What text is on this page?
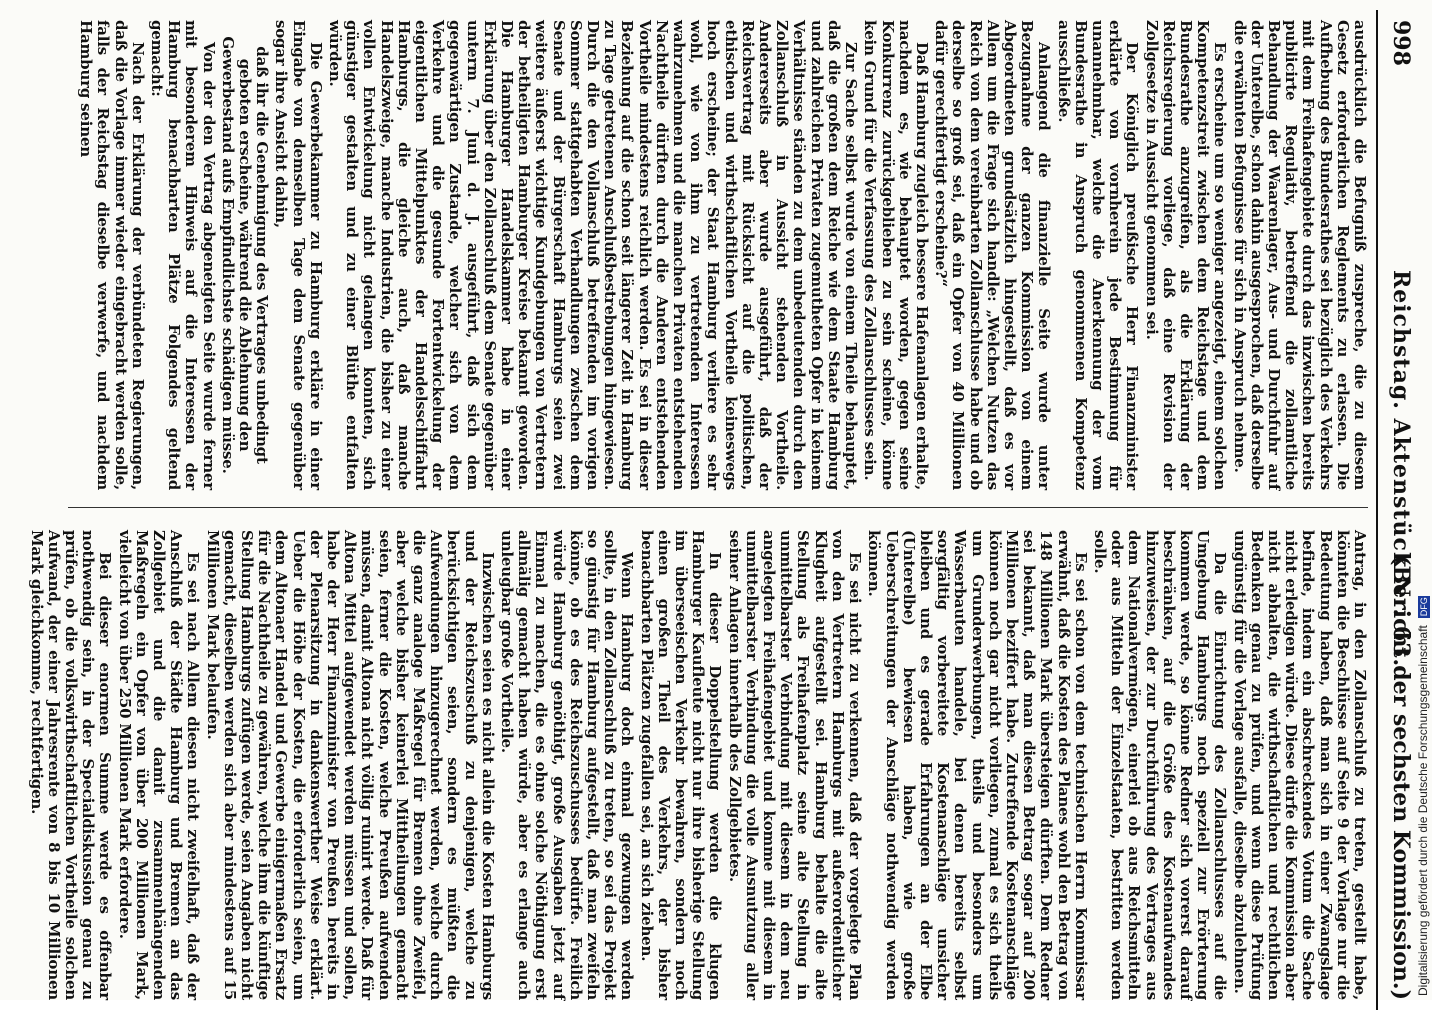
998
Reichstag. Aktenstück Nr. 63.
(Bericht der sechsten Kommission.)

ausdrücklich die Befugniß zuspreche, die zu diesem Gesetz erforderlichen Reglements zu erlassen. Die Aufhebung des Bundesrathes sei bezüglich des Verkehrs mit dem Freihafengebiete durch das inzwischen bereits publicirte Regulativ, betreffend die zollamtliche Behandlung der Waarenlager, Aus- und Durchfuhr auf der Unterelbe, schon dahin ausgesprochen, daß derselbe die erwähnten Befugnisse für sich in Anspruch nehme.

Es erscheine um so weniger angezeigt, einem solchen Kompetenzstreit zwischen dem Reichstage und dem Bundesrathe anzugreifen, als die Erklärung der Reichsregierung vorliege, daß eine Revision der Zollgesetze in Aussicht genommen sei.

Der Königlich preußische Herr Finanzminister erklärte von vornherein jede Bestimmung für unannehmbar, welche die Anerkennung der vom Bundesrathe in Anspruch genommenen Kompetenz ausschließe.

Anlangend die finanzielle Seite wurde unter Bezugnahme der ganzen Kommission von einem Abgeordneten grundsätzlich hingestellt, daß es vor Allem um die Frage sich handle: „Welchen Nutzen das Reich von dem vereinbarten Zollanschlusse habe und ob derselbe so groß sei, daß ein Opfer von 40 Millionen dafür gerechtfertigt erscheine?“

Daß Hamburg zugleich bessere Hafenanlagen erhalte, nachdem es, wie behauptet worden, gegen seine Konkurrenz zurückgeblieben zu sein scheine, könne kein Grund für die Verfassung des Zollanschlusses sein.

Zur Sache selbst wurde von einem Theile behauptet, daß die großen dem Reiche wie dem Staate Hamburg und zahlreichen Privaten zugemutheten Opfer in keinem Verhältnisse ständen zu dem unbedeutenden durch den Zollanschluß in Aussicht stehenden Vortheile. Andererseits aber wurde ausgeführt, daß der Reichsvertrag mit Rücksicht auf die politischen, ethischen und wirthschaftlichen Vortheile keineswegs hoch erscheine; der Staat Hamburg verliere es sehr wohl, wie von ihm zu vertretenden Interessen wahrzunehmen und die manchen Privaten entstehenden Nachtheile dürften durch die Anderen entstehenden Vortheile mindestens reichlich werden. Es sei in dieser Beziehung auf die schon seit längerer Zeit in Hamburg zu Tage getretenen Anschlußbestrebungen hingewiesen. Durch die den Vollanschluß betreffenden im vorigen Sommer stattgehabten Verhandlungen zwischen dem Senate und der Bürgerschaft Hamburgs seien zwei weitere äußerst wichtige Kundgebungen von Vertretern der betheiligten Hamburger Kreise bekannt geworden. Die Hamburger Handelskammer habe in einer Erklärung über den Zollanschluß dem Senate gegenüber unterm 7. Juni d. J. ausgeführt, daß sich dem gegenwärtigen Zustande, welcher sich von dem Verkehre und die gesunde Fortentwickelung der eigentlichen Mittelpunktes der Handelsschiffahrt Hamburgs, die gleiche auch, daß manche Handelszweige, manche Industrien, die bisher zu einer vollen Entwickelung nicht gelangen konnten, sich günstiger gestalten und zu einer Blüthe entfalten würden.

Die Gewerbekammer zu Hamburg erkläre in einer Eingabe von demselben Tage dem Senate gegenüber sogar ihre Ansicht dahin,

daß ihr die Genehmigung des Vertrages unbedingt geboten erscheine, während die Ablehnung den Gewerbestand aufs Empfindlichste schädigen müsse.

Von der den Vertrag abgeneigten Seite wurde ferner mit besonderem Hinweis auf die Interessen der Hamburg benachbarten Plätze Folgendes geltend gemacht:

Nach der Erklärung der verbündeten Regierungen, daß die Vorlage immer wieder eingebracht werden solle, falls der Reichstag dieselbe verwerfe, und nachdem Hamburg seinen

Antrag, in den Zollanschluß zu treten, gestellt habe, könnten die Beschlüsse auf Seite 9 der Vorlage nur die Bedeutung haben, daß man sich in einer Zwangslage befinde, indem ein abschreckendes Votum die Sache nicht erledigen würde. Diese dürfe die Kommission aber nicht abhalten, die wirthschaftlichen und rechtlichen Bedenken genau zu prüfen, und wenn diese Prüfung ungünstig für die Vorlage ausfalle, dieselbe abzulehnen.

Da die Einrichtung des Zollanschlusses auf die Umgebung Hamburgs noch speziell zur Erörterung kommen werde, so könne Redner sich vorerst darauf beschränken, auf die Größe des Kostenaufwandes hinzuweisen, der zur Durchführung des Vertrages aus dem Nationalvermögen, einerlei ob aus Reichsmitteln oder aus Mitteln der Einzelstaaten, bestritten werden solle.

Es sei schon von dem technischen Herrn Kommissar erwähnt, daß die Kosten des Planes wohl den Betrag von 148 Millionen Mark übersteigen dürften. Dem Redner sei bekannt, daß man diesen Betrag sogar auf 200 Millionen beziffert habe. Zutreffende Kostenanschläge können noch gar nicht vorliegen, zumal es sich theils um Grunderwerbungen, theils und besonders um Wasserbauten handele, bei denen bereits selbst sorgfältig vorbereitete Kostenanschläge unsicher bleiben und es gerade Erfahrungen an der Elbe (Unterelbe) bewiesen haben, wie große Ueberschreitungen der Anschläge nothwendig werden können.

Es sei nicht zu verkennen, daß der vorgelegte Plan von den Vertretern Hamburgs mit außerordentlicher Klugheit aufgestellt sei. Hamburg behalte die alte Stellung als Freihafenplatz seine alte Stellung in unmittelbarster Verbindung mit diesem in dem neu angelegten Freihafengebiet und komme mit diesem in unmittelbarster Verbindung die volle Ausnutzung aller seiner Anlagen innerhalb des Zollgebietes.

In dieser Doppelstellung werden die klugen Hamburger Kaufleute nicht nur ihre bisherige Stellung im überseeischen Verkehr bewahren, sondern noch einen großen Theil des Verkehrs, der bisher benachbarten Plätzen zugefallen sei, an sich ziehen.

Wenn Hamburg doch einmal gezwungen werden sollte, in den Zollanschluß zu treten, so sei das Projekt so günstig für Hamburg aufgestellt, daß man zweifeln könne, ob es des Reichszuschusses bedürfe. Freilich würde Hamburg genöthigt, große Ausgaben jetzt auf Einmal zu machen, die es ohne solche Nöthigung erst allmälig gemacht haben würde, aber es erlange auch unleugbar große Vortheile.

Inzwischen seien es nicht allein die Kosten Hamburgs und der Reichszuschuß zu denjenigen, welche zu berücksichtigen seien, sondern es müßten die Aufwendungen hinzugerechnet werden, welche durch die ganz analoge Maßregel für Bremen ohne Zweifel, aber welche bisher keinerlei Mittheilungen gemacht seien, ferner die Kosten, welche Preußen aufwenden müssen, damit Altona nicht völlig ruinirt werde. Daß für Altona Mittel aufgewendet werden müssen und sollen, habe der Herr Finanzminister von Preußen bereits in der Plenarsitzung in dankenswerther Weise erklärt. Ueber die Höhe der Kosten, die erforderlich seien, um dem Altonaer Handel und Gewerbe einigermaßen Ersatz für die Nachtheile zu gewähren, welche ihm die künftige Stellung Hamburgs zufügen werde, seien Angaben nicht gemacht, dieselben werden sich aber mindestens auf 15 Millionen Mark belaufen.

Es sei nach Allem diesen nicht zweifelhaft, daß der Anschluß der Städte Hamburg und Bremen an das Zollgebiet und die damit zusammenhängenden Maßregeln ein Opfer von über 200 Millionen Mark, vielleicht von über 250 Millionen Mark erfordere.

Bei dieser enormen Summe werde es offenbar nothwendig sein, in der Specialdiskussion genau zu prüfen, ob die volkswirthschaftlichen Vortheile solchen Aufwand, der einer Jahresrente von 8 bis 10 Millionen Mark gleichkomme, rechtfertigen.	Digitalisierung gefördert durch die Deutsche Forschungsgemeinschaft DFG
